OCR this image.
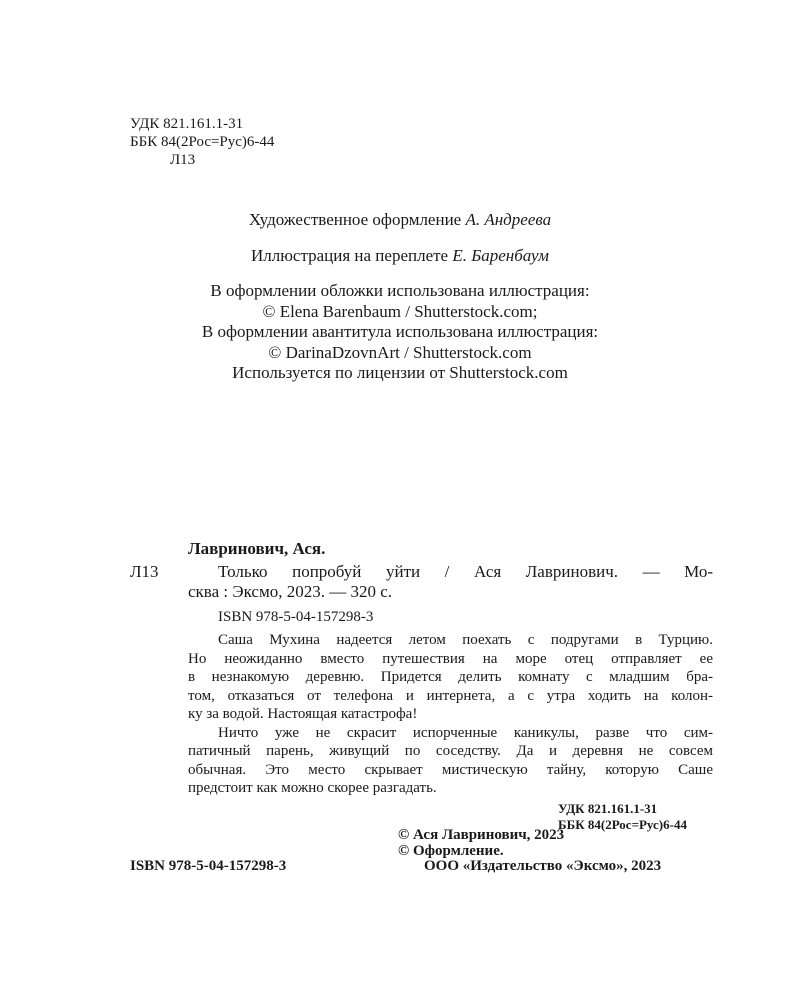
УДК 821.161.1-31
ББК 84(2Рос=Рус)6-44
Л13
Художественное оформление А. Андреева
Иллюстрация на переплете Е. Баренбаум
В оформлении обложки использована иллюстрация:
© Elena Barenbaum / Shutterstock.com;
В оформлении авантитула использована иллюстрация:
© DarinaDzovnArt / Shutterstock.com
Используется по лицензии от Shutterstock.com
Лавринович, Ася.
Л13	Только попробуй уйти / Ася Лавринович. — Мо-
сква : Эксмо, 2023. — 320 с.
ISBN 978-5-04-157298-3
Саша Мухина надеется летом поехать с подругами в Турцию.
Но неожиданно вместо путешествия на море отец отправляет ее
в незнакомую деревню. Придется делить комнату с младшим бра-
том, отказаться от телефона и интернета, а с утра ходить на колон-
ку за водой. Настоящая катастрофа!
Ничто уже не скрасит испорченные каникулы, разве что сим-
патичный парень, живущий по соседству. Да и деревня не совсем
обычная. Это место скрывает мистическую тайну, которую Саше
предстоит как можно скорее разгадать.
УДК 821.161.1-31
ББК 84(2Рос=Рус)6-44
© Ася Лавринович, 2023
© Оформление.
ISBN 978-5-04-157298-3	ООО «Издательство «Эксмо», 2023
